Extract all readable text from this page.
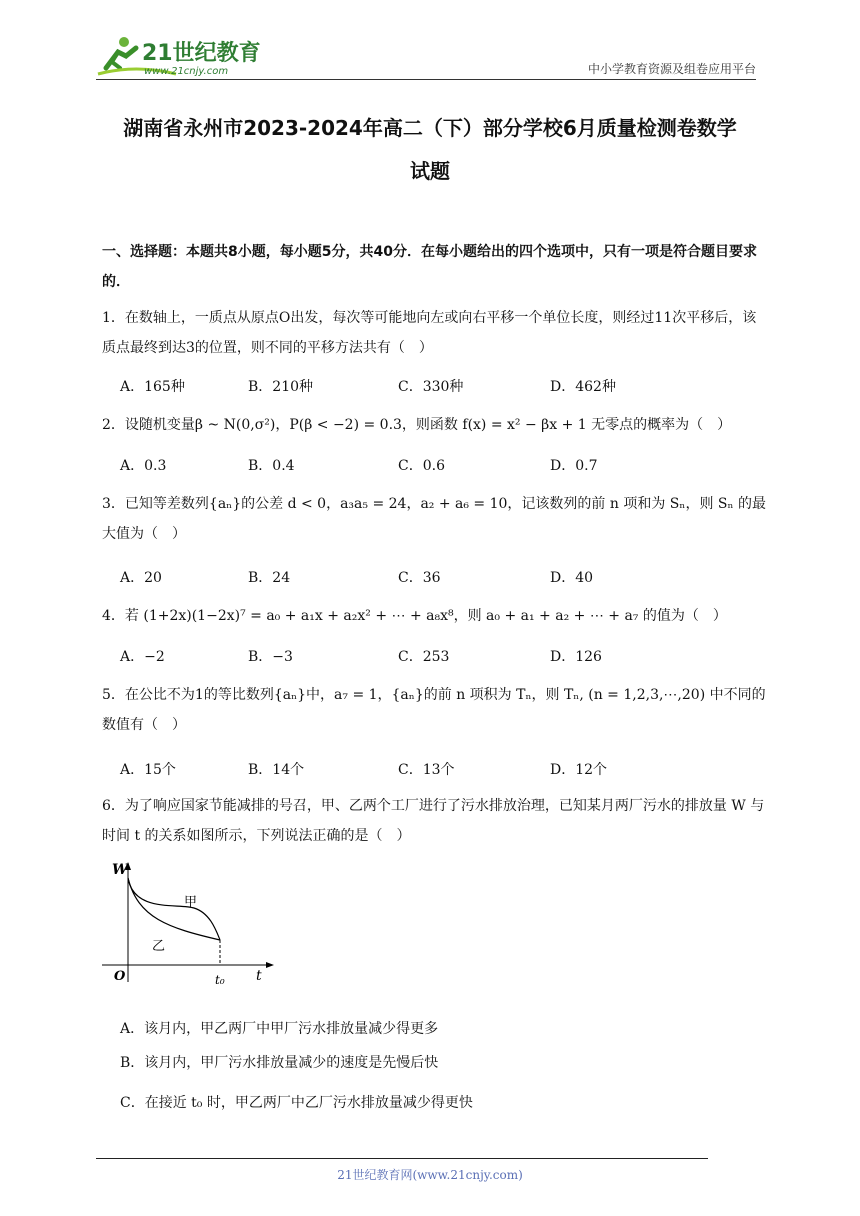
21世纪教育
www.21cnjy.com	中小学教育资源及组卷应用平台
湖南省永州市2023-2024年高二（下）部分学校6月质量检测卷数学
试题
一、选择题：本题共8小题，每小题5分，共40分．在每小题给出的四个选项中，只有一项是符合题目要求的．
1．在数轴上，一质点从原点O出发，每次等可能地向左或向右平移一个单位长度，则经过11次平移后，该质点最终到达3的位置，则不同的平移方法共有（　）
A．165种	B．210种	C．330种	D．462种
2．设随机变量β ~ N(0,σ²)，P(β < −2) = 0.3，则函数 f(x) = x² − βx + 1 无零点的概率为（　）
A．0.3	B．0.4	C．0.6	D．0.7
3．已知等差数列{aₙ}的公差 d < 0，a₃a₅ = 24，a₂ + a₆ = 10，记该数列的前 n 项和为 Sₙ，则 Sₙ 的最大值为（　）
A．20	B．24	C．36	D．40
4．若 (1+2x)(1−2x)⁷ = a₀ + a₁x + a₂x² + ⋯ + a₈x⁸，则 a₀ + a₁ + a₂ + ⋯ + a₇ 的值为（　）
A．−2	B．−3	C．253	D．126
5．在公比不为1的等比数列{aₙ}中，a₇ = 1，{aₙ}的前 n 项积为 Tₙ，则 Tₙ, (n = 1,2,3,⋯,20) 中不同的数值有（　）
A．15个	B．14个	C．13个	D．12个
6．为了响应国家节能减排的号召，甲、乙两个工厂进行了污水排放治理，已知某月两厂污水的排放量 W 与时间 t 的关系如图所示，下列说法正确的是（　）
W
t
O	t₀
甲
乙
A．该月内，甲乙两厂中甲厂污水排放量减少得更多
B．该月内，甲厂污水排放量减少的速度是先慢后快
C．在接近 t₀ 时，甲乙两厂中乙厂污水排放量减少得更快
21世纪教育网(www.21cnjy.com)
